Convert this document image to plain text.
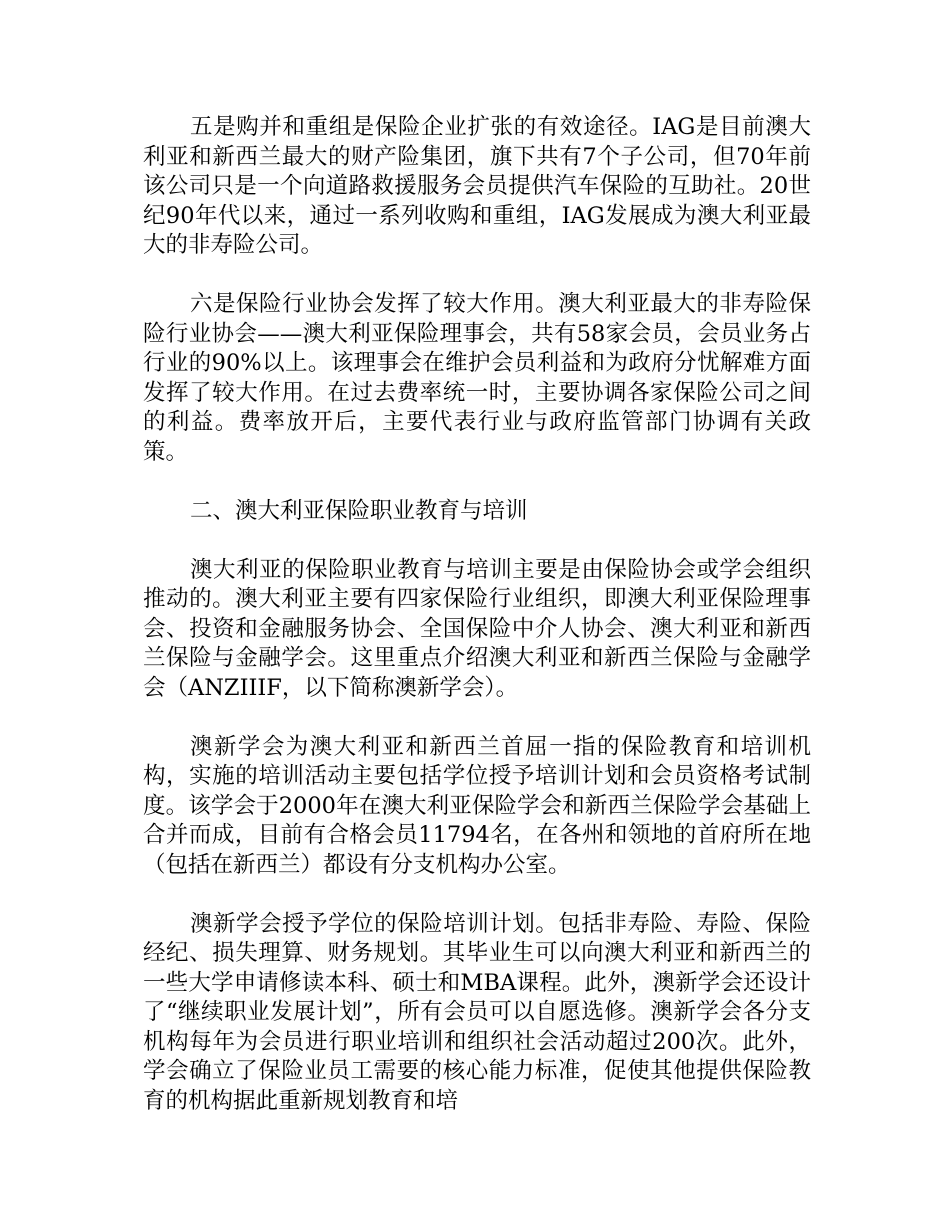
五是购并和重组是保险企业扩张的有效途径。IAG是目前澳大利亚和新西兰最大的财产险集团，旗下共有7个子公司，但70年前该公司只是一个向道路救援服务会员提供汽车保险的互助社。20世纪90年代以来，通过一系列收购和重组，IAG发展成为澳大利亚最大的非寿险公司。

六是保险行业协会发挥了较大作用。澳大利亚最大的非寿险保险行业协会——澳大利亚保险理事会，共有58家会员，会员业务占行业的90%以上。该理事会在维护会员利益和为政府分忧解难方面发挥了较大作用。在过去费率统一时，主要协调各家保险公司之间的利益。费率放开后，主要代表行业与政府监管部门协调有关政策。

二、澳大利亚保险职业教育与培训

澳大利亚的保险职业教育与培训主要是由保险协会或学会组织推动的。澳大利亚主要有四家保险行业组织，即澳大利亚保险理事会、投资和金融服务协会、全国保险中介人协会、澳大利亚和新西兰保险与金融学会。这里重点介绍澳大利亚和新西兰保险与金融学会（ANZIIIF，以下简称澳新学会）。

澳新学会为澳大利亚和新西兰首屈一指的保险教育和培训机构，实施的培训活动主要包括学位授予培训计划和会员资格考试制度。该学会于2000年在澳大利亚保险学会和新西兰保险学会基础上合并而成，目前有合格会员11794名，在各州和领地的首府所在地（包括在新西兰）都设有分支机构办公室。

澳新学会授予学位的保险培训计划。包括非寿险、寿险、保险经纪、损失理算、财务规划。其毕业生可以向澳大利亚和新西兰的一些大学申请修读本科、硕士和MBA课程。此外，澳新学会还设计了“继续职业发展计划”，所有会员可以自愿选修。澳新学会各分支机构每年为会员进行职业培训和组织社会活动超过200次。此外，学会确立了保险业员工需要的核心能力标准，促使其他提供保险教育的机构据此重新规划教育和培
